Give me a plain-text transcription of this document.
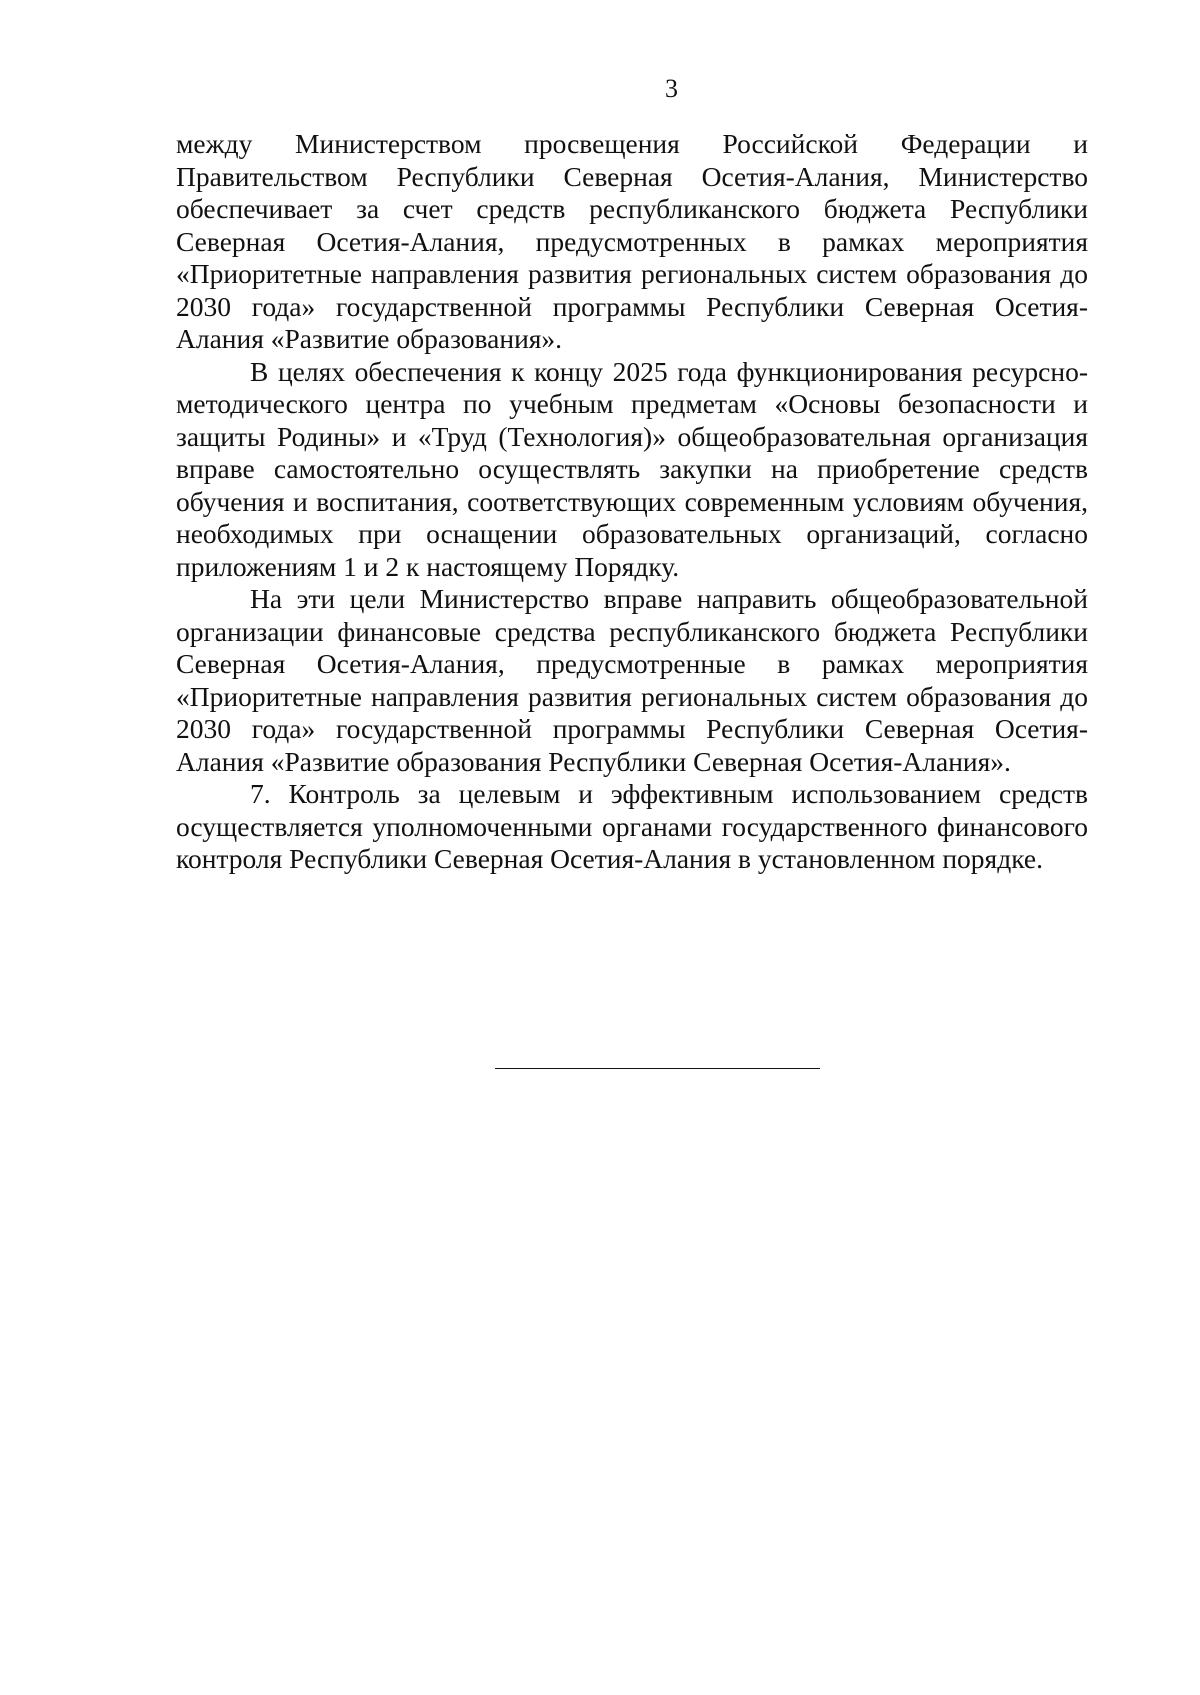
3

между Министерством просвещения Российской Федерации и Правительством Республики Северная Осетия-Алания, Министерство обеспечивает за счет средств республиканского бюджета Республики Северная Осетия-Алания, предусмотренных в рамках мероприятия «Приоритетные направления развития региональных систем образования до 2030 года» государственной программы Республики Северная Осетия-Алания «Развитие образования».

В целях обеспечения к концу 2025 года функционирования ресурсно-методического центра по учебным предметам «Основы безопасности и защиты Родины» и «Труд (Технология)» общеобразовательная организация вправе самостоятельно осуществлять закупки на приобретение средств обучения и воспитания, соответствующих современным условиям обучения, необходимых при оснащении образовательных организаций, согласно приложениям 1 и 2 к настоящему Порядку.

На эти цели Министерство вправе направить общеобразовательной организации финансовые средства республиканского бюджета Республики Северная Осетия-Алания, предусмотренные в рамках мероприятия «Приоритетные направления развития региональных систем образования до 2030 года» государственной программы Республики Северная Осетия-Алания «Развитие образования Республики Северная Осетия-Алания».

7. Контроль за целевым и эффективным использованием средств осуществляется уполномоченными органами государственного финансового контроля Республики Северная Осетия-Алания в установленном порядке.
